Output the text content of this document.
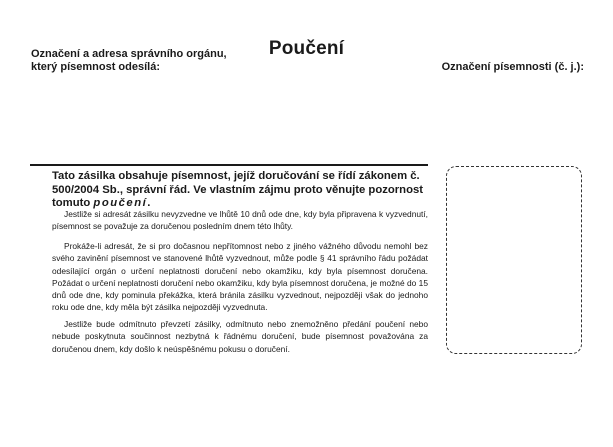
Poučení
Označení a adresa správního orgánu,
který písemnost odesílá:	Označení písemnosti (č. j.):

Tato zásilka obsahuje písemnost, jejíž doručování se řídí zákonem č. 500/2004 Sb., správní řád. Ve vlastním zájmu proto věnujte pozornost tomuto poučení.

Jestliže si adresát zásilku nevyzvedne ve lhůtě 10 dnů ode dne, kdy byla připravena k vyzvednutí, písemnost se považuje za doručenou posledním dnem této lhůty.

Prokáže-li adresát, že si pro dočasnou nepřítomnost nebo z jiného vážného důvodu nemohl bez svého zavinění písemnost ve stanovené lhůtě vyzvednout, může podle § 41 správního řádu požádat odesílající orgán o určení neplatnosti doručení nebo okamžiku, kdy byla písemnost doručena. Požádat o určení neplatnosti doručení nebo okamžiku, kdy byla písemnost doručena, je možné do 15 dnů ode dne, kdy pominula překážka, která bránila zásilku vyzvednout, nejpozději však do jednoho roku ode dne, kdy měla být zásilka nejpozději vyzvednuta.

Jestliže bude odmítnuto převzetí zásilky, odmítnuto nebo znemožněno předání poučení nebo nebude poskytnuta součinnost nezbytná k řádnému doručení, bude písemnost považována za doručenou dnem, kdy došlo k neúspěšnému pokusu o doručení.
